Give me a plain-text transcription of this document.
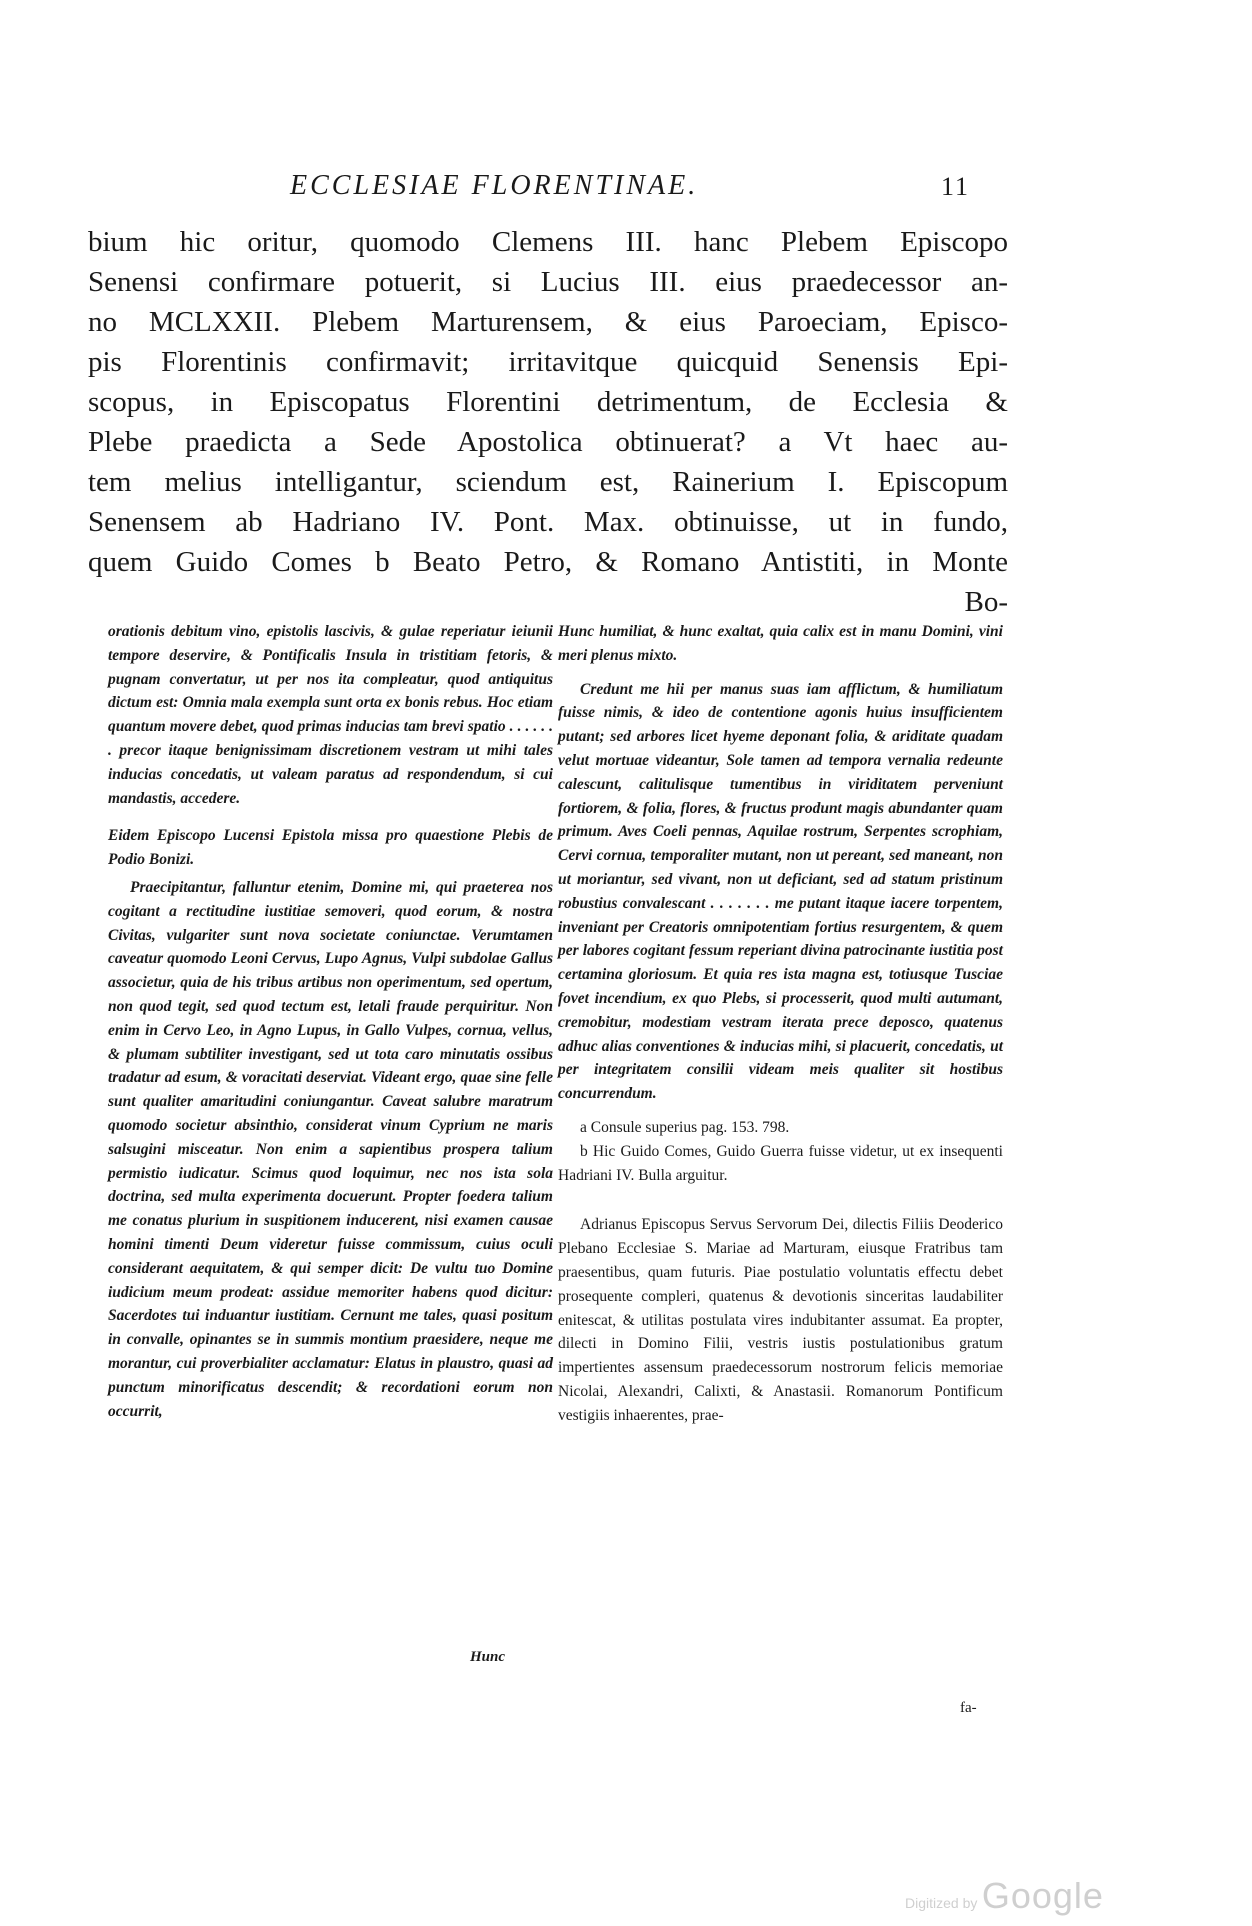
ECCLESIAE FLORENTINAE.	11
bium hic oritur, quomodo Clemens III. hanc Plebem Episcopo
Senensi confirmare potuerit, si Lucius III. eius praedecessor an-
no MCLXXII. Plebem Marturensem, & eius Paroeciam, Episco-
pis Florentinis confirmavit; irritavitque quicquid Senensis Epi-
scopus, in Episcopatus Florentini detrimentum, de Ecclesia &
Plebe praedicta a Sede Apostolica obtinuerat? a Vt haec au-
tem melius intelligantur, sciendum est, Rainerium I. Episcopum
Senensem ab Hadriano IV. Pont. Max. obtinuisse, ut in fundo,
quem Guido Comes b Beato Petro, & Romano Antistiti, in Monte
Bo-

orationis debitum vino, epistolis lascivis, & gulae reperiatur ieiunii tempore deservire, & Pontificalis Insula in tristitiam fetoris, & pugnam convertatur, ut per nos ita compleatur, quod antiquitus dictum est: Omnia mala exempla sunt orta ex bonis rebus. Hoc etiam quantum movere debet, quod primas inducias tam brevi spatio . . . . . . . precor itaque benignissimam discretionem vestram ut mihi tales inducias concedatis, ut valeam paratus ad respondendum, si cui mandastis, accedere.

Eidem Episcopo Lucensi Epistola missa pro quaestione Plebis de Podio Bonizi.

Praecipitantur, falluntur etenim, Domine mi, qui praeterea nos cogitant a rectitudine iustitiae semoveri, quod eorum, & nostra Civitas, vulgariter sunt nova societate coniunctae. Verumtamen caveatur quomodo Leoni Cervus, Lupo Agnus, Vulpi subdolae Gallus associetur, quia de his tribus artibus non operimentum, sed opertum, non quod tegit, sed quod tectum est, letali fraude perquiritur. Non enim in Cervo Leo, in Agno Lupus, in Gallo Vulpes, cornua, vellus, & plumam subtiliter investigant, sed ut tota caro minutatis ossibus tradatur ad esum, & voracitati deserviat. Videant ergo, quae sine felle sunt qualiter amaritudini coniungantur. Caveat salubre maratrum quomodo societur absinthio, considerat vinum Cyprium ne maris salsugini misceatur. Non enim a sapientibus prospera talium permistio iudicatur. Scimus quod loquimur, nec nos ista sola doctrina, sed multa experimenta docuerunt. Propter foedera talium me conatus plurium in suspitionem inducerent, nisi examen causae homini timenti Deum videretur fuisse commissum, cuius oculi considerant aequitatem, & qui semper dicit: De vultu tuo Domine iudicium meum prodeat: assidue memoriter habens quod dicitur: Sacerdotes tui induantur iustitiam. Cernunt me tales, quasi positum in convalle, opinantes se in summis montium praesidere, neque me morantur, cui proverbialiter acclamatur: Elatus in plaustro, quasi ad punctum minorificatus descendit; & recordationi eorum non occurrit,

Hunc

Hunc humiliat, & hunc exaltat, quia calix est in manu Domini, vini meri plenus mixto.

Credunt me hii per manus suas iam afflictum, & humiliatum fuisse nimis, & ideo de contentione agonis huius insufficientem putant; sed arbores licet hyeme deponant folia, & ariditate quadam velut mortuae videantur, Sole tamen ad tempora vernalia redeunte calescunt, calitulisque tumentibus in viriditatem perveniunt fortiorem, & folia, flores, & fructus produnt magis abundanter quam primum. Aves Coeli pennas, Aquilae rostrum, Serpentes scrophiam, Cervi cornua, temporaliter mutant, non ut pereant, sed maneant, non ut moriantur, sed vivant, non ut deficiant, sed ad statum pristinum robustius convalescant . . . . . . . me putant itaque iacere torpentem, inveniant per Creatoris omnipotentiam fortius resurgentem, & quem per labores cogitant fessum reperiant divina patrocinante iustitia post certamina gloriosum. Et quia res ista magna est, totiusque Tusciae fovet incendium, ex quo Plebs, si processerit, quod multi autumant, cremobitur, modestiam vestram iterata prece deposco, quatenus adhuc alias conventiones & inducias mihi, si placuerit, concedatis, ut per integritatem consilii videam meis qualiter sit hostibus concurrendum.

a Consule superius pag. 153. 798.

b Hic Guido Comes, Guido Guerra fuisse videtur, ut ex insequenti Hadriani IV. Bulla arguitur.

Adrianus Episcopus Servus Servorum Dei, dilectis Filiis Deoderico Plebano Ecclesiae S. Mariae ad Marturam, eiusque Fratribus tam praesentibus, quam futuris. Piae postulatio voluntatis effectu debet prosequente compleri, quatenus & devotionis sinceritas laudabiliter enitescat, & utilitas postulata vires indubitanter assumat. Ea propter, dilecti in Domino Filii, vestris iustis postulationibus gratum impertientes assensum praedecessorum nostrorum felicis memoriae Nicolai, Alexandri, Calixti, & Anastasii. Romanorum Pontificum vestigiis inhaerentes, prae-

fa-
Digitized by Google
